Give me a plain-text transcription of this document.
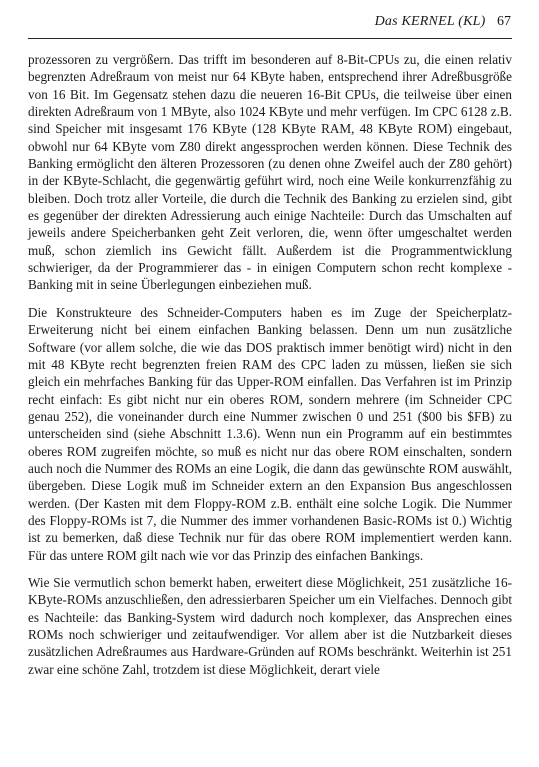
Das KERNEL (KL) 67

prozessoren zu vergrößern. Das trifft im besonderen auf 8-Bit-CPUs zu, die einen relativ begrenzten Adreßraum von meist nur 64 KByte haben, entsprechend ihrer Adreßbusgröße von 16 Bit. Im Gegensatz stehen dazu die neueren 16-Bit CPUs, die teilweise über einen direkten Adreßraum von 1 MByte, also 1024 KByte und mehr verfügen. Im CPC 6128 z.B. sind Speicher mit insgesamt 176 KByte (128 KByte RAM, 48 KByte ROM) eingebaut, obwohl nur 64 KByte vom Z80 direkt angessprochen werden können. Diese Technik des Banking ermöglicht den älteren Prozessoren (zu denen ohne Zweifel auch der Z80 gehört) in der KByte-Schlacht, die gegenwärtig geführt wird, noch eine Weile konkurrenzfähig zu bleiben. Doch trotz aller Vorteile, die durch die Technik des Banking zu erzielen sind, gibt es gegenüber der direkten Adressierung auch einige Nachteile: Durch das Umschalten auf jeweils andere Speicherbanken geht Zeit verloren, die, wenn öfter umgeschaltet werden muß, schon ziemlich ins Gewicht fällt. Außerdem ist die Programmentwicklung schwieriger, da der Programmierer das - in einigen Computern schon recht komplexe - Banking mit in seine Überlegungen einbeziehen muß.

Die Konstrukteure des Schneider-Computers haben es im Zuge der Speicherplatz-Erweiterung nicht bei einem einfachen Banking belassen. Denn um nun zusätzliche Software (vor allem solche, die wie das DOS praktisch immer benötigt wird) nicht in den mit 48 KByte recht begrenzten freien RAM des CPC laden zu müssen, ließen sie sich gleich ein mehrfaches Banking für das Upper-ROM einfallen. Das Verfahren ist im Prinzip recht einfach: Es gibt nicht nur ein oberes ROM, sondern mehrere (im Schneider CPC genau 252), die voneinander durch eine Nummer zwischen 0 und 251 ($00 bis $FB) zu unterscheiden sind (siehe Abschnitt 1.3.6). Wenn nun ein Programm auf ein bestimmtes oberes ROM zugreifen möchte, so muß es nicht nur das obere ROM einschalten, sondern auch noch die Nummer des ROMs an eine Logik, die dann das gewünschte ROM auswählt, übergeben. Diese Logik muß im Schneider extern an den Expansion Bus angeschlossen werden. (Der Kasten mit dem Floppy-ROM z.B. enthält eine solche Logik. Die Nummer des Floppy-ROMs ist 7, die Nummer des immer vorhandenen Basic-ROMs ist 0.) Wichtig ist zu bemerken, daß diese Technik nur für das obere ROM implementiert werden kann. Für das untere ROM gilt nach wie vor das Prinzip des einfachen Bankings.

Wie Sie vermutlich schon bemerkt haben, erweitert diese Möglichkeit, 251 zusätzliche 16-KByte-ROMs anzuschließen, den adressierbaren Speicher um ein Vielfaches. Dennoch gibt es Nachteile: das Banking-System wird dadurch noch komplexer, das Ansprechen eines ROMs noch schwieriger und zeitaufwendiger. Vor allem aber ist die Nutzbarkeit dieses zusätzlichen Adreßraumes aus Hardware-Gründen auf ROMs beschränkt. Weiterhin ist 251 zwar eine schöne Zahl, trotzdem ist diese Möglichkeit, derart viele
